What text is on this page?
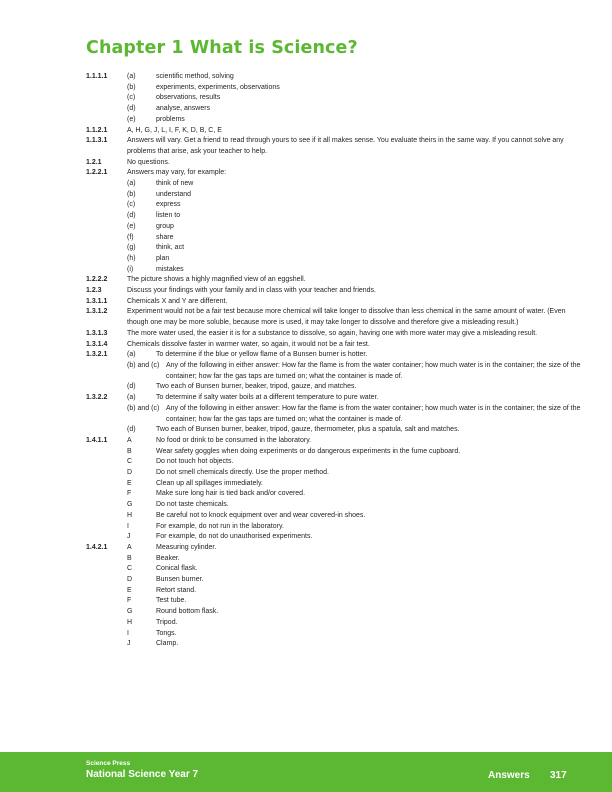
Chapter 1 What is Science?
1.1.1.1	(a)	scientific method, solving
(b)	experiments, experiments, observations
(c)	observations, results
(d)	analyse, answers
(e)	problems
1.1.2.1	A, H, G, J, L, I, F, K, D, B, C, E
1.1.3.1	Answers will vary. Get a friend to read through yours to see if it all makes sense. You evaluate theirs in the same way. If you cannot solve any problems that arise, ask your teacher to help.
1.2.1	No questions.
1.2.2.1	Answers may vary, for example:
(a)	think of new
(b)	understand
(c)	express
(d)	listen to
(e)	group
(f)	share
(g)	think, act
(h)	plan
(i)	mistakes
1.2.2.2	The picture shows a highly magnified view of an eggshell.
1.2.3	Discuss your findings with your family and in class with your teacher and friends.
1.3.1.1	Chemicals X and Y are different.
1.3.1.2	Experiment would not be a fair test because more chemical will take longer to dissolve than less chemical in the same amount of water. (Even though one may be more soluble, because more is used, it may take longer to dissolve and therefore give a misleading result.)
1.3.1.3	The more water used, the easier it is for a substance to dissolve, so again, having one with more water may give a misleading result.
1.3.1.4	Chemicals dissolve faster in warmer water, so again, it would not be a fair test.
1.3.2.1	(a)	To determine if the blue or yellow flame of a Bunsen burner is hotter.
(b) and (c) Any of the following in either answer: How far the flame is from the water container; how much water is in the container; the size of the container; how far the gas taps are turned on; what the container is made of.
(d)	Two each of Bunsen burner, beaker, tripod, gauze, and matches.
1.3.2.2	(a)	To determine if salty water boils at a different temperature to pure water.
(b) and (c) Any of the following in either answer: How far the flame is from the water container; how much water is in the container; the size of the container; how far the gas taps are turned on; what the container is made of.
(d)	Two each of Bunsen burner, beaker, tripod, gauze, thermometer, plus a spatula, salt and matches.
1.4.1.1	A	No food or drink to be consumed in the laboratory.
B	Wear safety goggles when doing experiments or do dangerous experiments in the fume cupboard.
C	Do not touch hot objects.
D	Do not smell chemicals directly. Use the proper method.
E	Clean up all spillages immediately.
F	Make sure long hair is tied back and/or covered.
G	Do not taste chemicals.
H	Be careful not to knock equipment over and wear covered-in shoes.
I	For example, do not run in the laboratory.
J	For example, do not do unauthorised experiments.
1.4.2.1	A	Measuring cylinder.
B	Beaker.
C	Conical flask.
D	Bunsen burner.
E	Retort stand.
F	Test tube.
G	Round bottom flask.
H	Tripod.
I	Tongs.
J	Clamp.
Science Press
National Science Year 7	Answers 317
